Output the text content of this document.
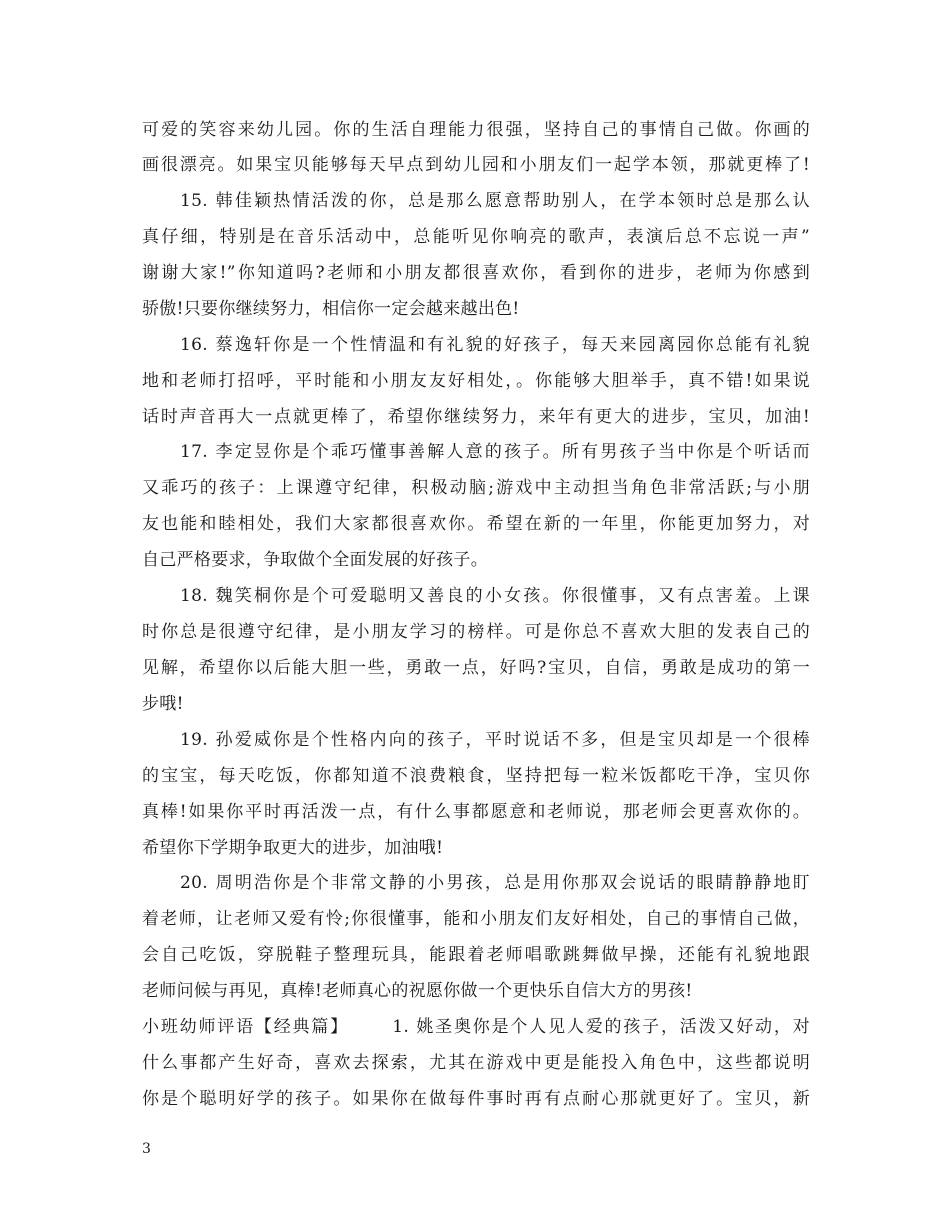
可爱的笑容来幼儿园。你的生活自理能力很强，坚持自己的事情自己做。你画的
画很漂亮。如果宝贝能够每天早点到幼儿园和小朋友们一起学本领，那就更棒了!
15. 韩佳颖热情活泼的你，总是那么愿意帮助别人，在学本领时总是那么认
真仔细，特别是在音乐活动中，总能听见你响亮的歌声，表演后总不忘说一声”
谢谢大家!”你知道吗?老师和小朋友都很喜欢你，看到你的进步，老师为你感到
骄傲!只要你继续努力，相信你一定会越来越出色!
16. 蔡逸轩你是一个性情温和有礼貌的好孩子，每天来园离园你总能有礼貌
地和老师打招呼，平时能和小朋友友好相处，。你能够大胆举手，真不错!如果说
话时声音再大一点就更棒了，希望你继续努力，来年有更大的进步，宝贝，加油!
17. 李定昱你是个乖巧懂事善解人意的孩子。所有男孩子当中你是个听话而
又乖巧的孩子：上课遵守纪律，积极动脑;游戏中主动担当角色非常活跃;与小朋
友也能和睦相处，我们大家都很喜欢你。希望在新的一年里，你能更加努力，对
自己严格要求，争取做个全面发展的好孩子。
18. 魏笑桐你是个可爱聪明又善良的小女孩。你很懂事，又有点害羞。上课
时你总是很遵守纪律，是小朋友学习的榜样。可是你总不喜欢大胆的发表自己的
见解，希望你以后能大胆一些，勇敢一点，好吗?宝贝，自信，勇敢是成功的第一
步哦!
19. 孙爱威你是个性格内向的孩子，平时说话不多，但是宝贝却是一个很棒
的宝宝，每天吃饭，你都知道不浪费粮食，坚持把每一粒米饭都吃干净，宝贝你
真棒!如果你平时再活泼一点，有什么事都愿意和老师说，那老师会更喜欢你的。
希望你下学期争取更大的进步，加油哦!
20. 周明浩你是个非常文静的小男孩，总是用你那双会说话的眼睛静静地盯
着老师，让老师又爱有怜;你很懂事，能和小朋友们友好相处，自己的事情自己做，
会自己吃饭，穿脱鞋子整理玩具，能跟着老师唱歌跳舞做早操，还能有礼貌地跟
老师问候与再见，真棒!老师真心的祝愿你做一个更快乐自信大方的男孩!
小班幼师评语【经典篇】      1. 姚圣奥你是个人见人爱的孩子，活泼又好动，对
什么事都产生好奇，喜欢去探索，尤其在游戏中更是能投入角色中，这些都说明
你是个聪明好学的孩子。如果你在做每件事时再有点耐心那就更好了。宝贝，新
3
